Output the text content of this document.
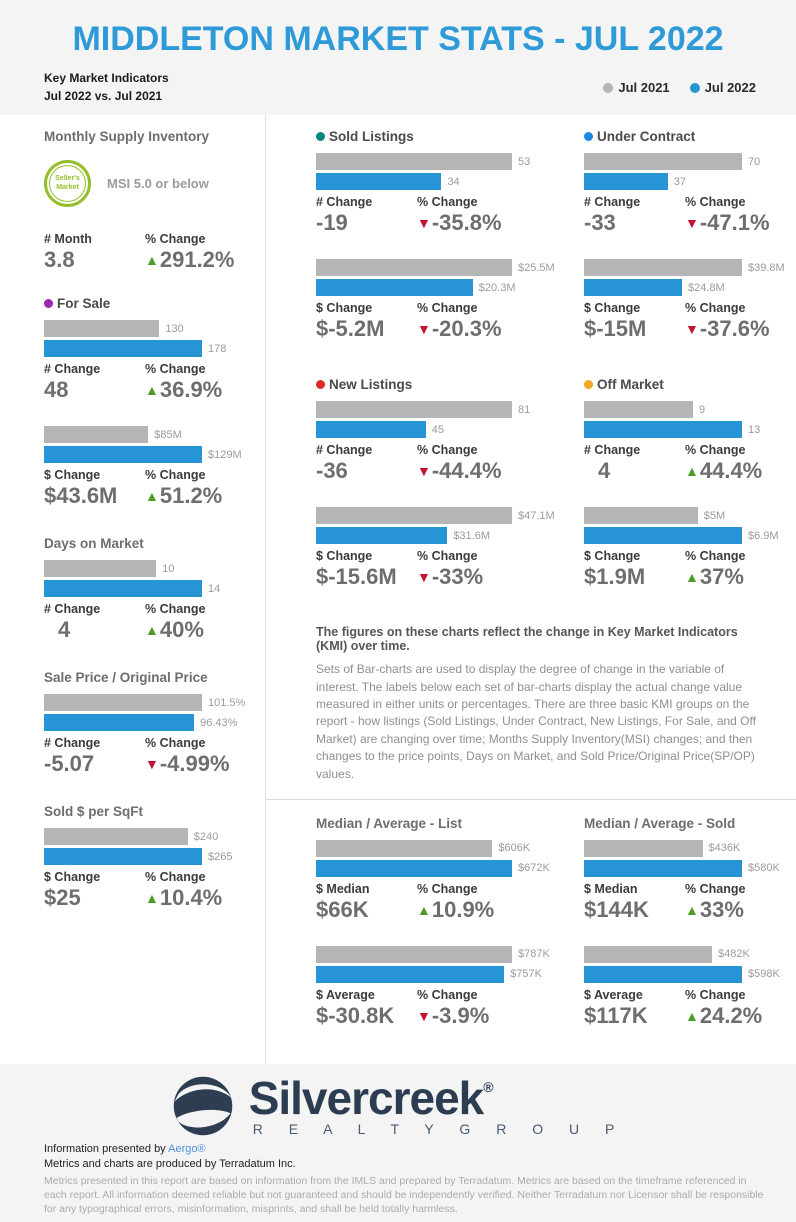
MIDDLETON MARKET STATS - JUL 2022
Key Market Indicators
Jul 2022 vs. Jul 2021
Jul 2021	Jul 2022
Monthly Supply Inventory
Seller's
Market MSI 5.0 or below
# Month
3.8
% Change
▲ 291.2%
For Sale
130
178
# Change
48
% Change
▲ 36.9%
$85M
$129M
$ Change
$43.6M
% Change
▲ 51.2%
Days on Market
10
14
# Change
4
% Change
▲ 40%
Sale Price / Original Price
101.5%
96.43%
# Change
-5.07
% Change
▼ -4.99%
Sold $ per SqFt
$240
$265
$ Change
$25
% Change
▲ 10.4%
Sold Listings
53
34
# Change
-19
% Change
▼ -35.8%
$25.5M
$20.3M
$ Change
$-5.2M
% Change
▼ -20.3%
Under Contract
70
37
# Change
-33
% Change
▼ -47.1%
$39.8M
$24.8M
$ Change
$-15M
% Change
▼ -37.6%
New Listings
81
45
# Change
-36
% Change
▼ -44.4%
$47.1M
$31.6M
$ Change
$-15.6M
% Change
▼ -33%
Off Market
9
13
# Change
4
% Change
▲ 44.4%
$5M
$6.9M
$ Change
$1.9M
% Change
▲ 37%
The figures on these charts reflect the change in Key Market Indicators (KMI) over time.
Sets of Bar-charts are used to display the degree of change in the variable of interest. The labels below each set of bar-charts display the actual change value measured in either units or percentages. There are three basic KMI groups on the report - how listings (Sold Listings, Under Contract, New Listings, For Sale, and Off Market) are changing over time; Months Supply Inventory(MSI) changes; and then changes to the price points, Days on Market, and Sold Price/Original Price(SP/OP) values.
Median / Average - List
$606K
$672K
$ Median
$66K
% Change
▲ 10.9%
$787K
$757K
$ Average
$-30.8K
% Change
▼ -3.9%
Median / Average - Sold
$436K
$580K
$ Median
$144K
% Change
▲ 33%
$482K
$598K
$ Average
$117K
% Change
▲ 24.2%
Silvercreek®
R E A L T Y G R O U P
Information presented by Aergo®
Metrics and charts are produced by Terradatum Inc.
Metrics presented in this report are based on information from the IMLS and prepared by Terradatum. Metrics are based on the timeframe referenced in each report. All information deemed reliable but not guaranteed and should be independently verified. Neither Terradatum nor Licensor shall be responsible for any typographical errors, misinformation, misprints, and shall be held totally harmless.
